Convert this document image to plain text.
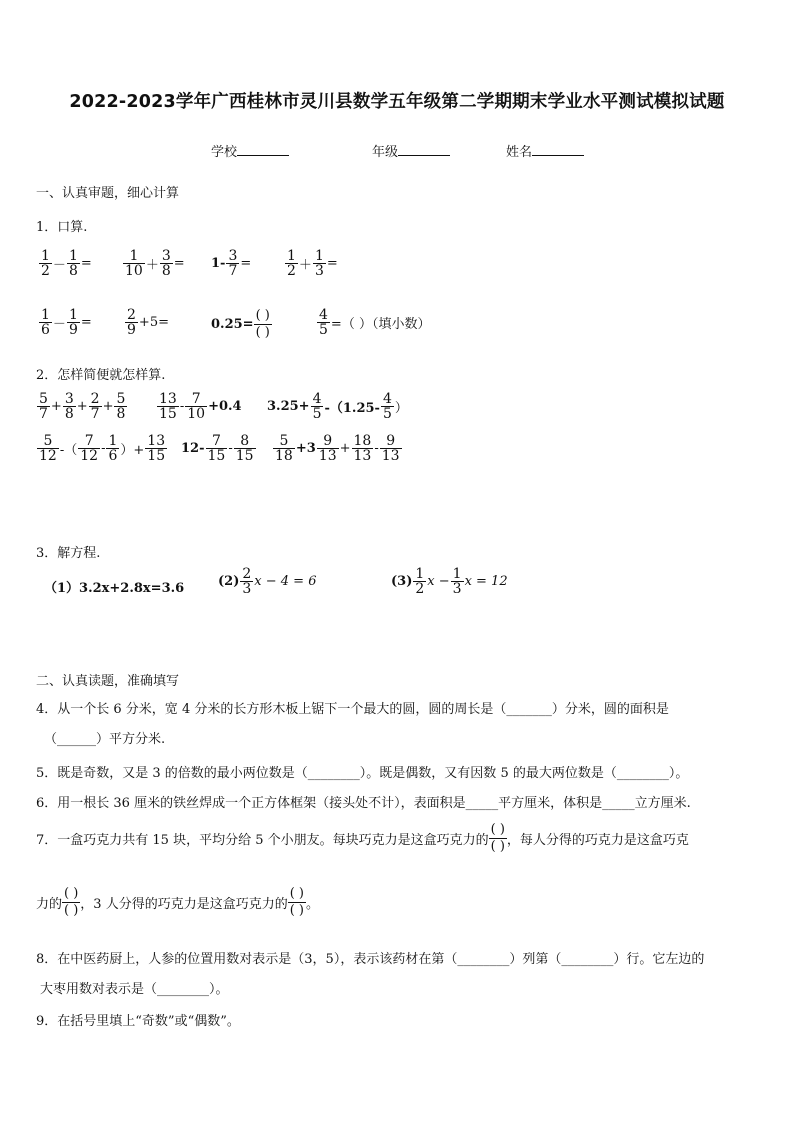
2022-2023学年广西桂林市灵川县数学五年级第二学期期末学业水平测试模拟试题
学校	年级	姓名
一、认真审题，细心计算
1．口算.
$\frac{1}{2} - \frac{1}{8} = \frac{1}{10} + \frac{3}{8} = 1- \frac{3}{7} = \frac{1}{2} + \frac{1}{3}$ =
$\frac{1}{6} - \frac{1}{9} = \frac{2}{9} +5=$	0.25=
( )
( )	$\frac{4}{5}$ =（ ）（填小数）
2．怎样简便就怎样算.
$\frac{5}{7} + \frac{3}{8} + \frac{2}{7} + \frac{5}{8} \frac{13}{15} - \frac{7}{10} +0.4$ $3.25+ \frac{4}{5} -(1.25- \frac{4}{5}$ ）
$\frac{5}{12}$ -（ $\frac{7}{12} - \frac{1}{6}$ ）+ $\frac{13}{15} 12- \frac{7}{15} - \frac{8}{15} \frac{5}{18} +3 \frac{9}{13} + \frac{18}{13} - \frac{9}{13}$
3．解方程.
（1）3.2x+2.8x=3.6	$(2) \frac{2}{3}$ x − 4 = 6	$(3) \frac{1}{2}$ $x - \frac{1}{3}$ x = 12
二、认真读题，准确填写
4．从一个长 6 分米，宽 4 分米的长方形木板上锯下一个最大的圆，圆的周长是（_______）分米，圆的面积是
（______）平方分米.
5．既是奇数，又是 3 的倍数的最小两位数是（________）。既是偶数，又有因数 5 的最大两位数是（________）。
6．用一根长 36 厘米的铁丝焊成一个正方体框架（接头处不计），表面积是_____平方厘米，体积是_____立方厘米.
7．一盒巧克力共有 15 块，平均分给 5 个小朋友。每块巧克力是这盒巧克力的
( )
( ) ，每人分得的巧克力是这盒巧克
力的
( )
( ) ，3 人分得的巧克力是这盒巧克力的
( )
( ) 。
8．在中医药厨上，人参的位置用数对表示是（3，5），表示该药材在第（________）列第（________）行。它左边的
大枣用数对表示是（________）。
9．在括号里填上“奇数”或“偶数”。
